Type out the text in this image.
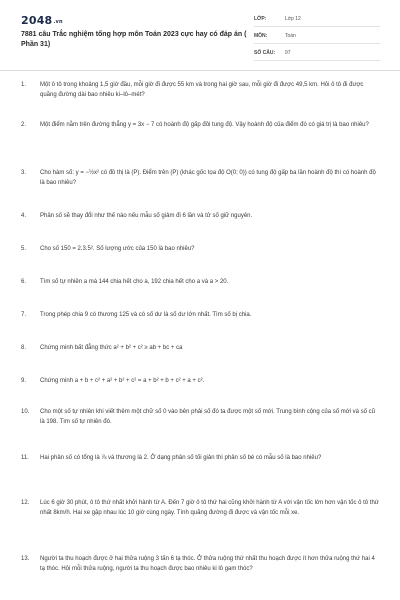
2048.vn
7881 câu Trắc nghiệm tổng hợp môn Toán 2023 cực hay có đáp án ( Phần 31)
LỚP:	Lớp 12
MÔN:	Toán
SỐ CÂU: 97
1.	Một ô tô trong khoảng 1,5 giờ đầu, mỗi giờ đi được 55 km và trong hai giờ sau, mỗi giờ đi được 49,5 km. Hỏi ô tô đi được quãng đường dài bao nhiêu ki–lô–mét?
2.	Một điểm nằm trên đường thẳng y = 3x − 7 có hoành độ gấp đôi tung độ. Vậy hoành độ của điểm đó có giá trị là bao nhiêu?
3.	Cho hàm số: y = −½x² có đồ thị là (P). Điểm trên (P) (khác gốc tọa độ O(0; 0)) có tung độ gấp ba lần hoành độ thì có hoành độ là bao nhiêu?
4.	Phân số sẽ thay đổi như thế nào nếu mẫu số giảm đi 6 lần và tử số giữ nguyên.
5.	Cho số 150 = 2.3.5². Số lượng ước của 150 là bao nhiêu?
6.	Tìm số tự nhiên a mà 144 chia hết cho a, 192 chia hết cho a và a > 20.
7.	Trong phép chia 9 có thương 125 và có số dư là số dư lớn nhất. Tìm số bị chia.
8.	Chứng minh bất đẳng thức a² + b² + c² ≥ ab + bc + ca
9.	Chứng minh a + b + c² + a² + b² + c² = a + b² + b + c² + a + c².
10.	Cho một số tự nhiên khi viết thêm một chữ số 0 vào bên phải số đó ta được một số mới. Trung bình cộng của số mới và số cũ là 198. Tìm số tự nhiên đó.
11.	Hai phân số có tổng là ⅞ và thương là 2. Ở dạng phân số tối giản thì phân số bé có mẫu số là bao nhiêu?
12.	Lúc 6 giờ 30 phút, ô tô thứ nhất khởi hành từ A. Đến 7 giờ ô tô thứ hai cũng khởi hành từ A với vận tốc lớn hơn vận tốc ô tô thứ nhất 8km/h. Hai xe gặp nhau lúc 10 giờ cùng ngày. Tính quãng đường đi được và vận tốc mỗi xe.
13.	Người ta thu hoạch được ở hai thửa ruộng 3 tấn 6 tạ thóc. Ở thửa ruộng thứ nhất thu hoạch được ít hơn thửa ruộng thứ hai 4 tạ thóc. Hỏi mỗi thửa ruộng, người ta thu hoạch được bao nhiêu ki lô gam thóc?
